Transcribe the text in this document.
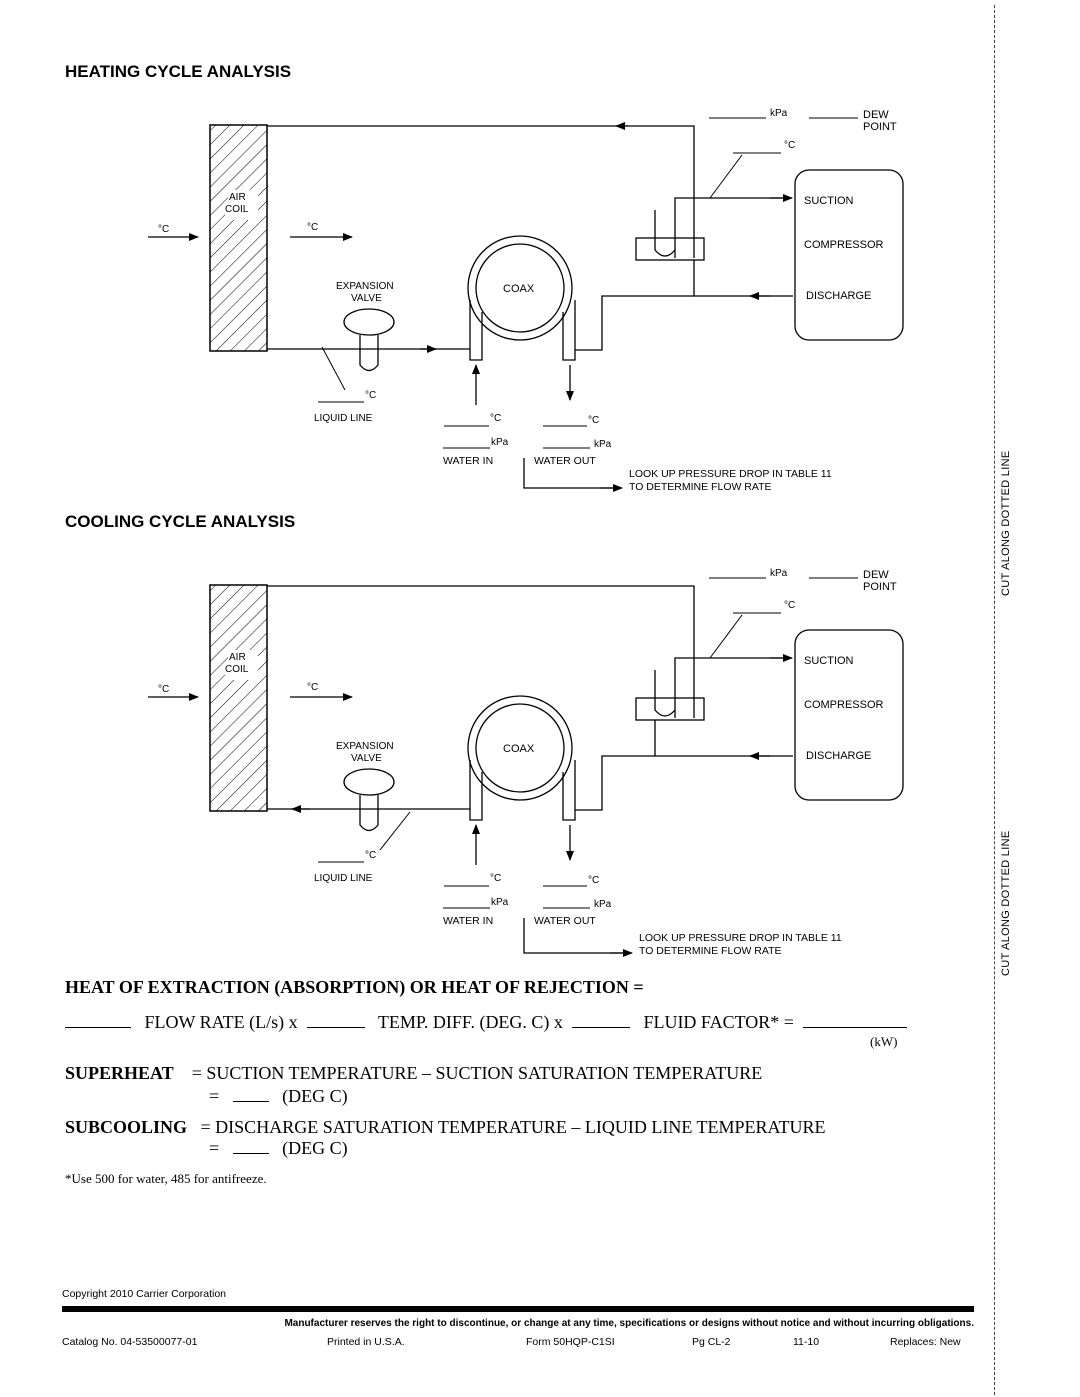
HEATING CYCLE ANALYSIS
kPa	DEW
POINT
°C
AIR
COIL
°C	°C
SUCTION
COMPRESSOR
DISCHARGE
EXPANSION
VALVE
COAX
°C
LIQUID LINE	°C	°C
kPa	kPa
WATER IN	WATER OUT
LOOK UP PRESSURE DROP IN TABLE 11
TO DETERMINE FLOW RATE
COOLING CYCLE ANALYSIS
kPa	DEW
POINT
°C
AIR
COIL
°C	°C
SUCTION
COMPRESSOR
DISCHARGE
EXPANSION
VALVE
COAX
°C
LIQUID LINE	°C	°C
kPa	kPa
WATER IN	WATER OUT
LOOK UP PRESSURE DROP IN TABLE 11
TO DETERMINE FLOW RATE
HEAT OF EXTRACTION (ABSORPTION) OR HEAT OF REJECTION =
FLOW RATE (L/s) x	TEMP. DIFF. (DEG. C) x	FLUID FACTOR* =
(kW)
SUPERHEAT = SUCTION TEMPERATURE – SUCTION SATURATION TEMPERATURE
=	(DEG C)
SUBCOOLING = DISCHARGE SATURATION TEMPERATURE – LIQUID LINE TEMPERATURE
=	(DEG C)
*Use 500 for water, 485 for antifreeze.
CUT ALONG DOTTED LINE
CUT ALONG DOTTED LINE
Copyright 2010 Carrier Corporation
Manufacturer reserves the right to discontinue, or change at any time, specifications or designs without notice and without incurring obligations.
Catalog No. 04-53500077-01	Printed in U.S.A.	Form 50HQP-C1SI	Pg CL-2	11-10	Replaces: New
